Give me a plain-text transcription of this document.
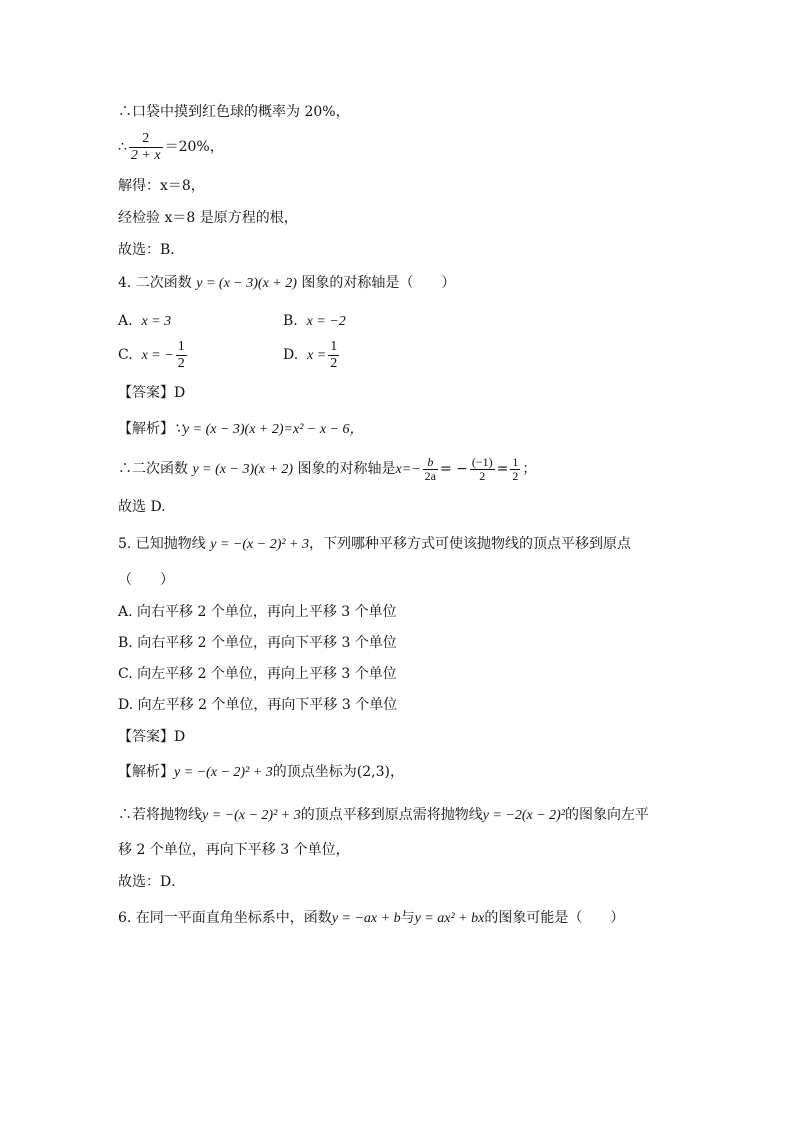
∴口袋中摸到红色球的概率为 20%，
∴ $\frac{2}{2 + x} =20\%$，
解得：x＝8，
经检验 x＝8 是原方程的根，
故选：B．
4. 二次函数 y = (x − 3)(x + 2) 图象的对称轴是（　　）
A. x = 3	B. x = −2
C. x = − $\frac{1}{2}$	D. $x = \frac{1}{2}$
【答案】D
【解析】∵y = (x − 3)(x + 2)=x² − x − 6，
∴二次函数 y = (x − 3)(x + 2) 图象的对称轴是$x=- \frac{b}{2a}$ = − $\frac{(-1)}{2} = \frac{1}{2}$ ；
故选 D.
5. 已知抛物线 y = −(x − 2)² + 3，下列哪种平移方式可使该抛物线的顶点平移到原点
（　　）
A. 向右平移 2 个单位，再向上平移 3 个单位
B. 向右平移 2 个单位，再向下平移 3 个单位
C. 向左平移 2 个单位，再向上平移 3 个单位
D. 向左平移 2 个单位，再向下平移 3 个单位
【答案】D
【解析】y = −(x − 2)² + 3的顶点坐标为(2,3)，
∴若将抛物线y = −(x − 2)² + 3的顶点平移到原点需将抛物线y = −2(x − 2)²的图象向左平
移 2 个单位，再向下平移 3 个单位，
故选：D．
6. 在同一平面直角坐标系中，函数y = −ax + b与y = ax² + bx的图象可能是（　　）
